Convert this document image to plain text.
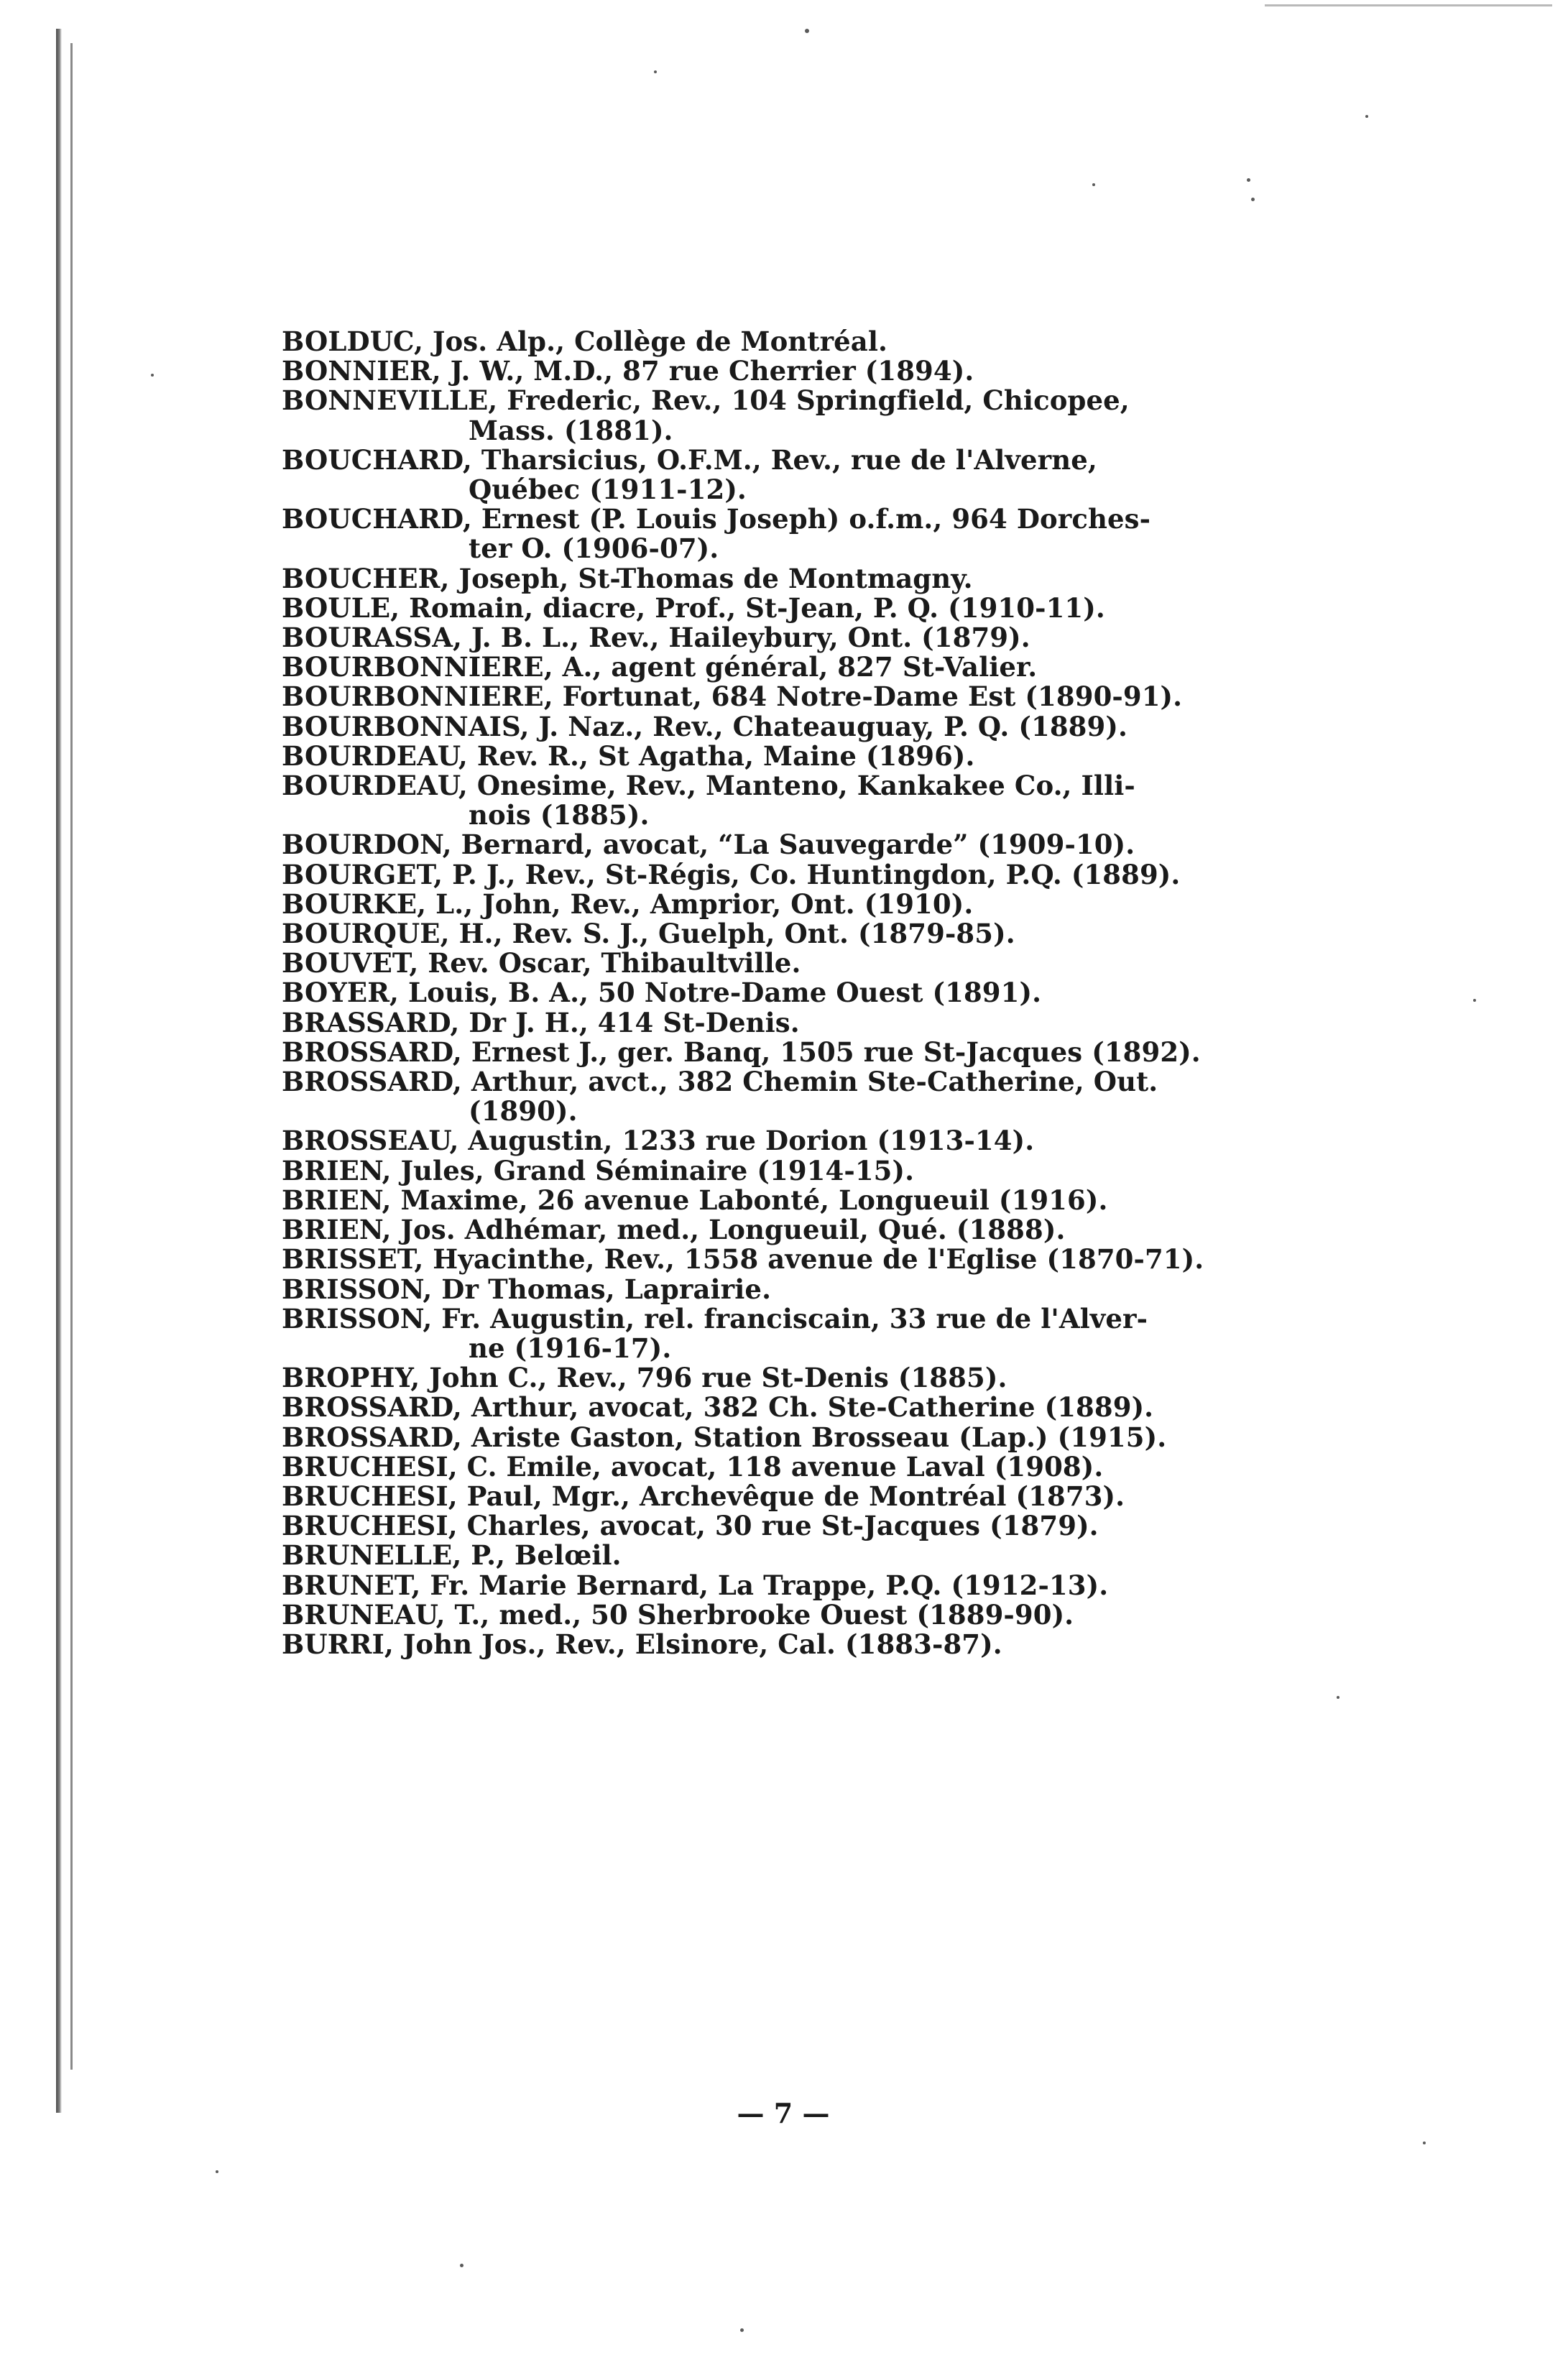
BOLDUC, Jos. Alp., Collège de Montréal.
BONNIER, J. W., M.D., 87 rue Cherrier (1894).
BONNEVILLE, Frederic, Rev., 104 Springfield, Chicopee,
Mass. (1881).
BOUCHARD, Tharsicius, O.F.M., Rev., rue de l'Alverne,
Québec (1911-12).
BOUCHARD, Ernest (P. Louis Joseph) o.f.m., 964 Dorches-
ter O. (1906-07).
BOUCHER, Joseph, St-Thomas de Montmagny.
BOULE, Romain, diacre, Prof., St-Jean, P. Q. (1910-11).
BOURASSA, J. B. L., Rev., Haileybury, Ont. (1879).
BOURBONNIERE, A., agent général, 827 St-Valier.
BOURBONNIERE, Fortunat, 684 Notre-Dame Est (1890-91).
BOURBONNAIS, J. Naz., Rev., Chateauguay, P. Q. (1889).
BOURDEAU, Rev. R., St Agatha, Maine (1896).
BOURDEAU, Onesime, Rev., Manteno, Kankakee Co., Illi-
nois (1885).
BOURDON, Bernard, avocat, “La Sauvegarde” (1909-10).
BOURGET, P. J., Rev., St-Régis, Co. Huntingdon, P.Q. (1889).
BOURKE, L., John, Rev., Amprior, Ont. (1910).
BOURQUE, H., Rev. S. J., Guelph, Ont. (1879-85).
BOUVET, Rev. Oscar, Thibaultville.
BOYER, Louis, B. A., 50 Notre-Dame Ouest (1891).
BRASSARD, Dr J. H., 414 St-Denis.
BROSSARD, Ernest J., ger. Banq, 1505 rue St-Jacques (1892).
BROSSARD, Arthur, avct., 382 Chemin Ste-Catherine, Out.
(1890).
BROSSEAU, Augustin, 1233 rue Dorion (1913-14).
BRIEN, Jules, Grand Séminaire (1914-15).
BRIEN, Maxime, 26 avenue Labonté, Longueuil (1916).
BRIEN, Jos. Adhémar, med., Longueuil, Qué. (1888).
BRISSET, Hyacinthe, Rev., 1558 avenue de l'Eglise (1870-71).
BRISSON, Dr Thomas, Laprairie.
BRISSON, Fr. Augustin, rel. franciscain, 33 rue de l'Alver-
ne (1916-17).
BROPHY, John C., Rev., 796 rue St-Denis (1885).
BROSSARD, Arthur, avocat, 382 Ch. Ste-Catherine (1889).
BROSSARD, Ariste Gaston, Station Brosseau (Lap.) (1915).
BRUCHESI, C. Emile, avocat, 118 avenue Laval (1908).
BRUCHESI, Paul, Mgr., Archevêque de Montréal (1873).
BRUCHESI, Charles, avocat, 30 rue St-Jacques (1879).
BRUNELLE, P., Belœil.
BRUNET, Fr. Marie Bernard, La Trappe, P.Q. (1912-13).
BRUNEAU, T., med., 50 Sherbrooke Ouest (1889-90).
BURRI, John Jos., Rev., Elsinore, Cal. (1883-87).
— 7 —
